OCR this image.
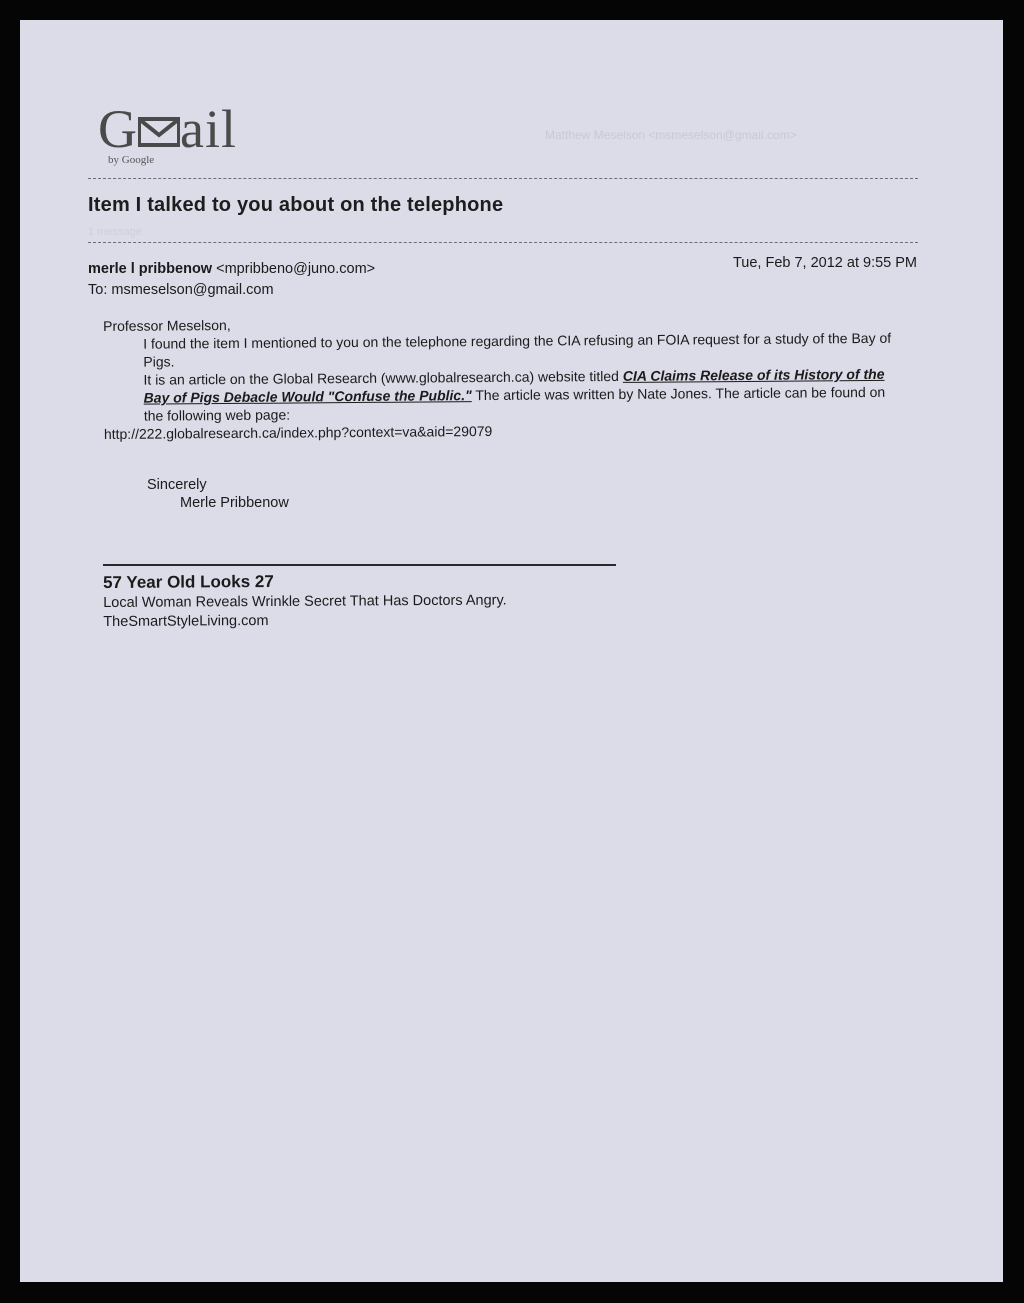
G ail
by Google
Matthew Meselson <msmeselson@gmail.com>
Item I talked to you about on the telephone
1 message
merle l pribbenow <mpribbeno@juno.com>	Tue, Feb 7, 2012 at 9:55 PM
To: msmeselson@gmail.com

Professor Meselson,

I found the item I mentioned to you on the telephone regarding the CIA refusing an FOIA request for a study of the Bay of Pigs.

It is an article on the Global Research (www.globalresearch.ca) website titled CIA Claims Release of its History of the Bay of Pigs Debacle Would "Confuse the Public." The article was written by Nate Jones. The article can be found on the following web page:

http://222.globalresearch.ca/index.php?context=va&aid=29079

Sincerely
Merle Pribbenow
57 Year Old Looks 27
Local Woman Reveals Wrinkle Secret That Has Doctors Angry.
TheSmartStyleLiving.com
